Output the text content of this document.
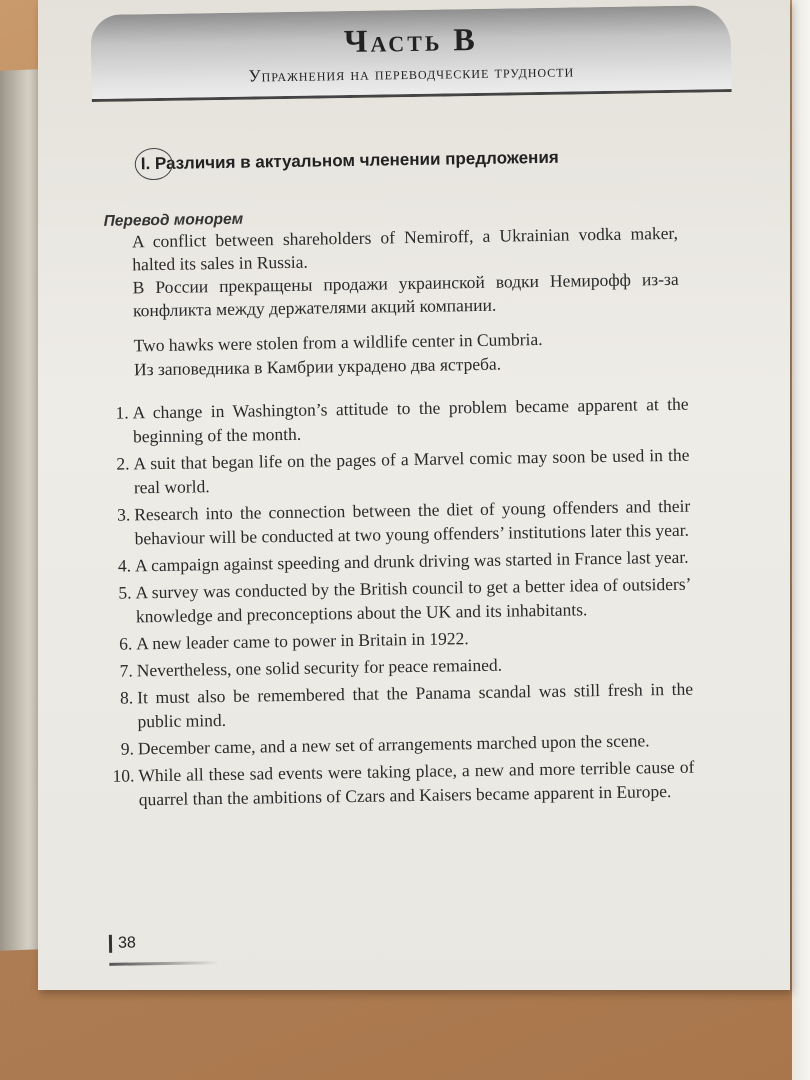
Часть В
Упражнения на переводческие трудности
I. Различия в актуальном членении предложения
Перевод монорем

A conflict between shareholders of Nemiroff, a Ukrainian vodka maker, halted its sales in Russia.

В России прекращены продажи украинской водки Немирофф из-за конфликта между держателями акций компании.

Two hawks were stolen from a wildlife center in Cumbria.

Из заповедника в Камбрии украдено два ястреба.

1. A change in Washington’s attitude to the problem became apparent at the beginning of the month.
2. A suit that began life on the pages of a Marvel comic may soon be used in the real world.
3. Research into the connection between the diet of young offenders and their behaviour will be conducted at two young offenders’ institutions later this year.
4. A campaign against speeding and drunk driving was started in France last year.
5. A survey was conducted by the British council to get a better idea of outsiders’ knowledge and preconceptions about the UK and its inhabitants.
6. A new leader came to power in Britain in 1922.
7. Nevertheless, one solid security for peace remained.
8. It must also be remembered that the Panama scandal was still fresh in the public mind.
9. December came, and a new set of arrangements marched upon the scene.
10. While all these sad events were taking place, a new and more terrible cause of quarrel than the ambitions of Czars and Kaisers became apparent in Europe.
38
